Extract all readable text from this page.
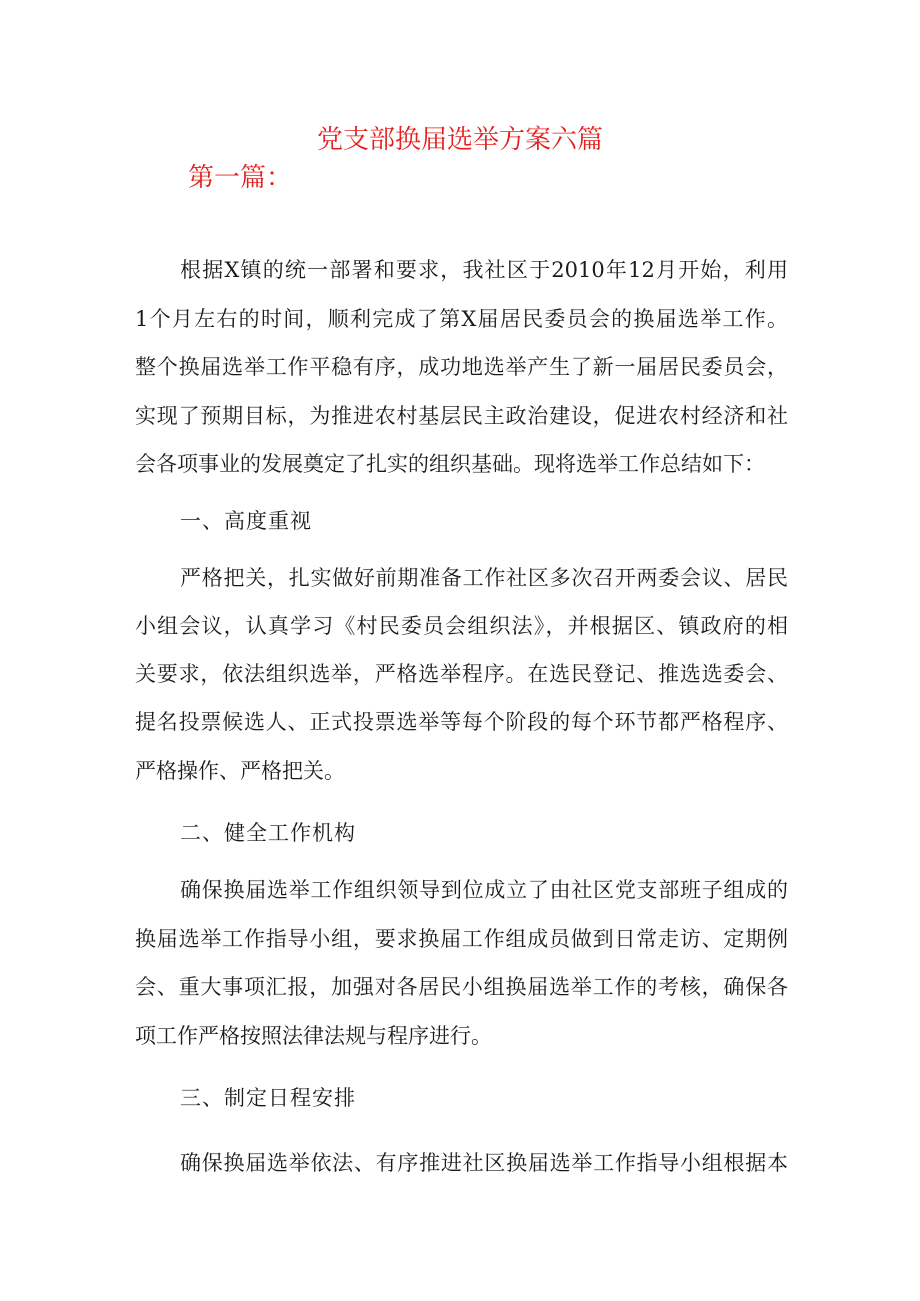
党支部换届选举方案六篇
第一篇：
根据X镇的统一部署和要求，我社区于2010年12月开始，利用
1个月左右的时间，顺利完成了第X届居民委员会的换届选举工作。
整个换届选举工作平稳有序，成功地选举产生了新一届居民委员会，
实现了预期目标，为推进农村基层民主政治建设，促进农村经济和社
会各项事业的发展奠定了扎实的组织基础。现将选举工作总结如下：
一、高度重视
严格把关，扎实做好前期准备工作社区多次召开两委会议、居民
小组会议，认真学习《村民委员会组织法》，并根据区、镇政府的相
关要求，依法组织选举，严格选举程序。在选民登记、推选选委会、
提名投票候选人、正式投票选举等每个阶段的每个环节都严格程序、
严格操作、严格把关。
二、健全工作机构
确保换届选举工作组织领导到位成立了由社区党支部班子组成的
换届选举工作指导小组，要求换届工作组成员做到日常走访、定期例
会、重大事项汇报，加强对各居民小组换届选举工作的考核，确保各
项工作严格按照法律法规与程序进行。
三、制定日程安排
确保换届选举依法、有序推进社区换届选举工作指导小组根据本
